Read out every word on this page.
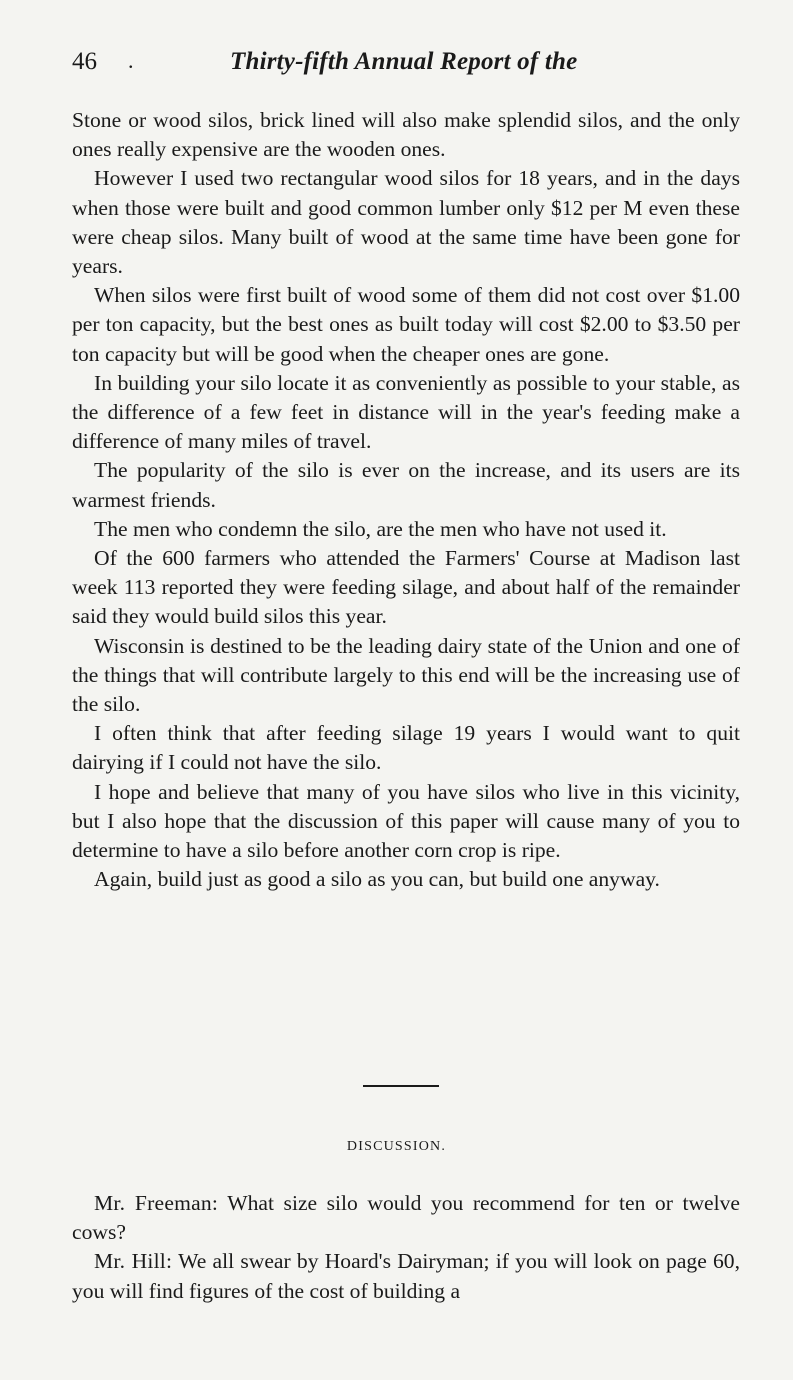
46 .	Thirty-fifth Annual Report of the

Stone or wood silos, brick lined will also make splendid silos, and the only ones really expensive are the wooden ones.

However I used two rectangular wood silos for 18 years, and in the days when those were built and good common lumber only $12 per M even these were cheap silos. Many built of wood at the same time have been gone for years.

When silos were first built of wood some of them did not cost over $1.00 per ton capacity, but the best ones as built today will cost $2.00 to $3.50 per ton capacity but will be good when the cheaper ones are gone.

In building your silo locate it as conveniently as possible to your stable, as the difference of a few feet in distance will in the year's feeding make a difference of many miles of travel.

The popularity of the silo is ever on the increase, and its users are its warmest friends.

The men who condemn the silo, are the men who have not used it.

Of the 600 farmers who attended the Farmers' Course at Madison last week 113 reported they were feeding silage, and about half of the remainder said they would build silos this year.

Wisconsin is destined to be the leading dairy state of the Union and one of the things that will contribute largely to this end will be the increasing use of the silo.

I often think that after feeding silage 19 years I would want to quit dairying if I could not have the silo.

I hope and believe that many of you have silos who live in this vicinity, but I also hope that the discussion of this paper will cause many of you to determine to have a silo before another corn crop is ripe.

Again, build just as good a silo as you can, but build one anyway.

DISCUSSION.

Mr. Freeman: What size silo would you recommend for ten or twelve cows?

Mr. Hill: We all swear by Hoard's Dairyman; if you will look on page 60, you will find figures of the cost of building a
